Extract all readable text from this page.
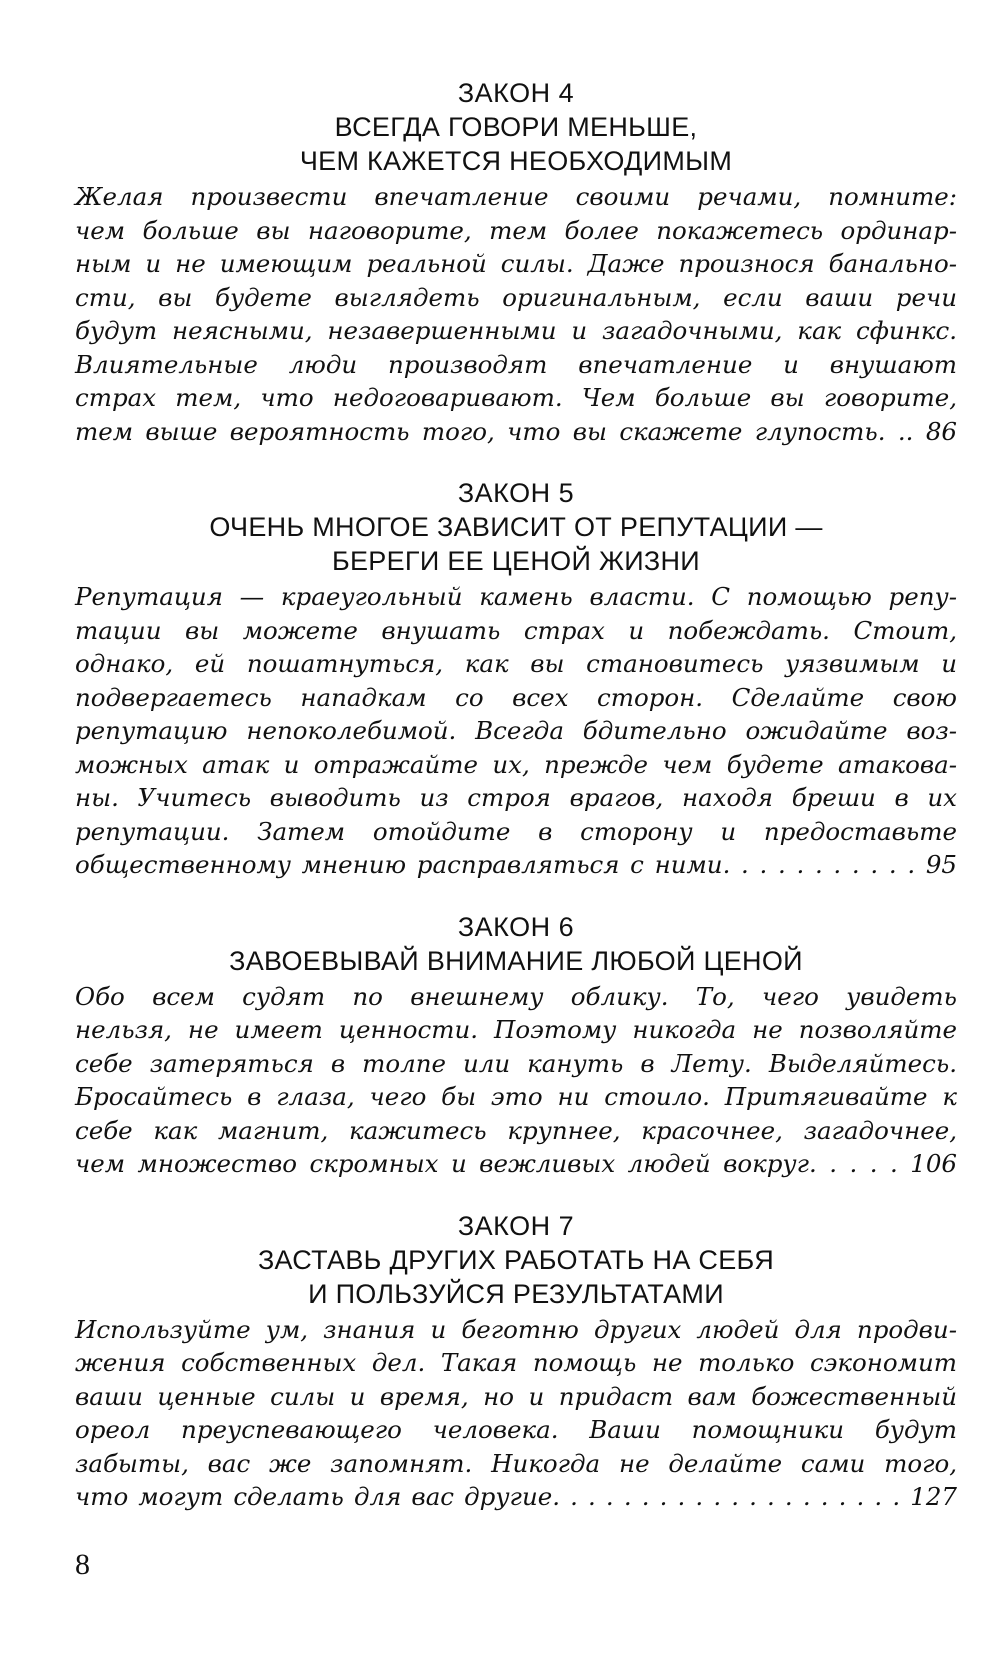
ЗАКОН 4
ВСЕГДА ГОВОРИ МЕНЬШЕ,
ЧЕМ КАЖЕТСЯ НЕОБХОДИМЫМ
Желая произвести впечатление своими речами, помните:
чем больше вы наговорите, тем более покажетесь ординар-
ным и не имеющим реальной силы. Даже произнося банально-
сти, вы будете выглядеть оригинальным, если ваши речи
будут неясными, незавершенными и загадочными, как сфинкс.
Влиятельные люди производят впечатление и внушают
страх тем, что недоговаривают. Чем больше вы говорите,
тем выше вероятность того, что вы скажете глупость. .. 86
ЗАКОН 5
ОЧЕНЬ МНОГОЕ ЗАВИСИТ ОТ РЕПУТАЦИИ —
БЕРЕГИ ЕЕ ЦЕНОЙ ЖИЗНИ
Репутация — краеугольный камень власти. С помощью репу-
тации вы можете внушать страх и побеждать. Стоит,
однако, ей пошатнуться, как вы становитесь уязвимым и
подвергаетесь нападкам со всех сторон. Сделайте свою
репутацию непоколебимой. Всегда бдительно ожидайте воз-
можных атак и отражайте их, прежде чем будете атакова-
ны. Учитесь выводить из строя врагов, находя бреши в их
репутации. Затем отойдите в сторону и предоставьте
общественному мнению расправляться с ними. . . . . . . . . . . 95
ЗАКОН 6
ЗАВОЕВЫВАЙ ВНИМАНИЕ ЛЮБОЙ ЦЕНОЙ
Обо всем судят по внешнему облику. То, чего увидеть
нельзя, не имеет ценности. Поэтому никогда не позволяйте
себе затеряться в толпе или кануть в Лету. Выделяйтесь.
Бросайтесь в глаза, чего бы это ни стоило. Притягивайте к
себе как магнит, кажитесь крупнее, красочнее, загадочнее,
чем множество скромных и вежливых людей вокруг. . . . . 106
ЗАКОН 7
ЗАСТАВЬ ДРУГИХ РАБОТАТЬ НА СЕБЯ
И ПОЛЬЗУЙСЯ РЕЗУЛЬТАТАМИ
Используйте ум, знания и беготню других людей для продви-
жения собственных дел. Такая помощь не только сэкономит
ваши ценные силы и время, но и придаст вам божественный
ореол преуспевающего человека. Ваши помощники будут
забыты, вас же запомнят. Никогда не делайте сами того,
что могут сделать для вас другие. . . . . . . . . . . . . . . . . . . . 127
8
